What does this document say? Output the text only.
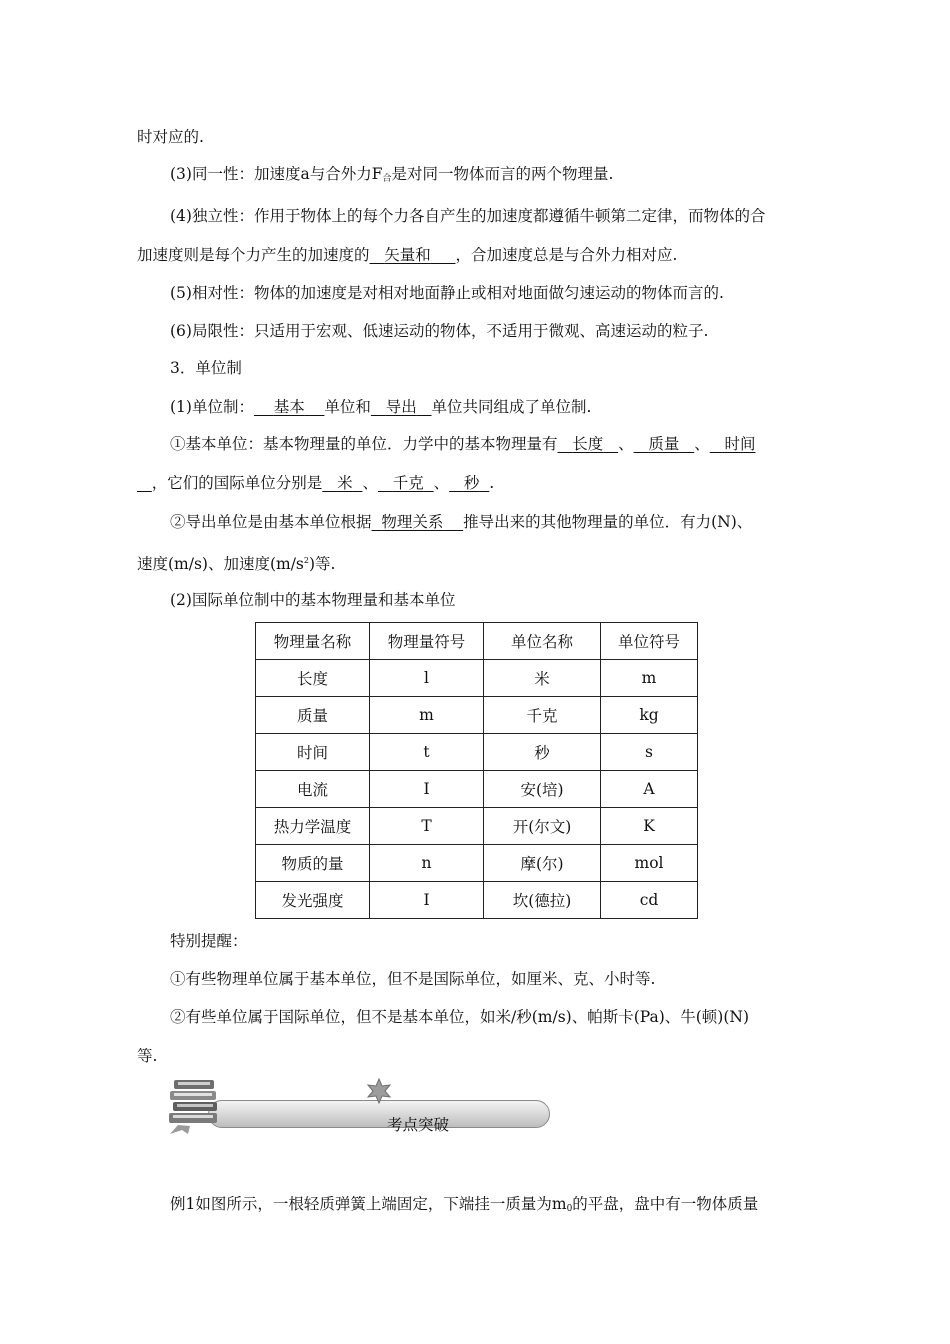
时对应的.
(3)同一性：加速度a与合外力$F_合$是对同一物体而言的两个物理量.
(4)独立性：作用于物体上的每个力各自产生的加速度都遵循牛顿第二定律，而物体的合
加速度则是每个力产生的加速度的 矢量和 ，合加速度总是与合外力相对应.
(5)相对性：物体的加速度是对相对地面静止或相对地面做匀速运动的物体而言的.
(6)局限性：只适用于宏观、低速运动的物体，不适用于微观、高速运动的粒子.
3．单位制
(1)单位制： 基本 单位和 导出 单位共同组成了单位制.
①基本单位：基本物理量的单位．力学中的基本物理量有 长度 、 质量 、 时间
，它们的国际单位分别是 米 、 千克 、 秒 .
②导出单位是由基本单位根据 物理关系 推导出来的其他物理量的单位．有力(N)、
速度(m/s)、加速度$(m/s^2)$等.
(2)国际单位制中的基本物理量和基本单位
物理量名称	物理量符号	单位名称	单位符号
长度	l	米	m
质量	m	千克	kg
时间	t	秒	s
电流	I	安(培)	A
热力学温度	T	开(尔文)	K
物质的量	n	摩(尔)	mol
发光强度	I	坎(德拉)	cd
特别提醒：
①有些物理单位属于基本单位，但不是国际单位，如厘米、克、小时等.
②有些单位属于国际单位，但不是基本单位，如米/秒(m/s)、帕斯卡(Pa)、牛(顿)(N)
等.
考点突破
例1如图所示，一根轻质弹簧上端固定，下端挂一质量为$m_0$的平盘，盘中有一物体质量
